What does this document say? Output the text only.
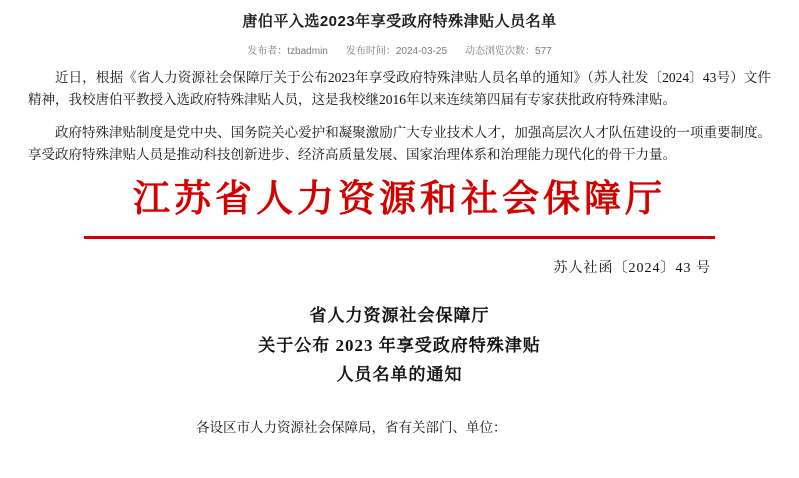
唐伯平入选2023年享受政府特殊津贴人员名单
发布者：tzbadmin 发布时间：2024-03-25 动态浏览次数：577

近日，根据《省人力资源社会保障厅关于公布2023年享受政府特殊津贴人员名单的通知》（苏人社发〔2024〕43号）文件精神，我校唐伯平教授入选政府特殊津贴人员，这是我校继2016年以来连续第四届有专家获批政府特殊津贴。

政府特殊津贴制度是党中央、国务院关心爱护和凝聚激励广大专业技术人才，加强高层次人才队伍建设的一项重要制度。享受政府特殊津贴人员是推动科技创新进步、经济高质量发展、国家治理体系和治理能力现代化的骨干力量。

江苏省人力资源和社会保障厅
苏人社函〔2024〕43 号
省人力资源社会保障厅
关于公布 2023 年享受政府特殊津贴
人员名单的通知
各设区市人力资源社会保障局，省有关部门、单位：
